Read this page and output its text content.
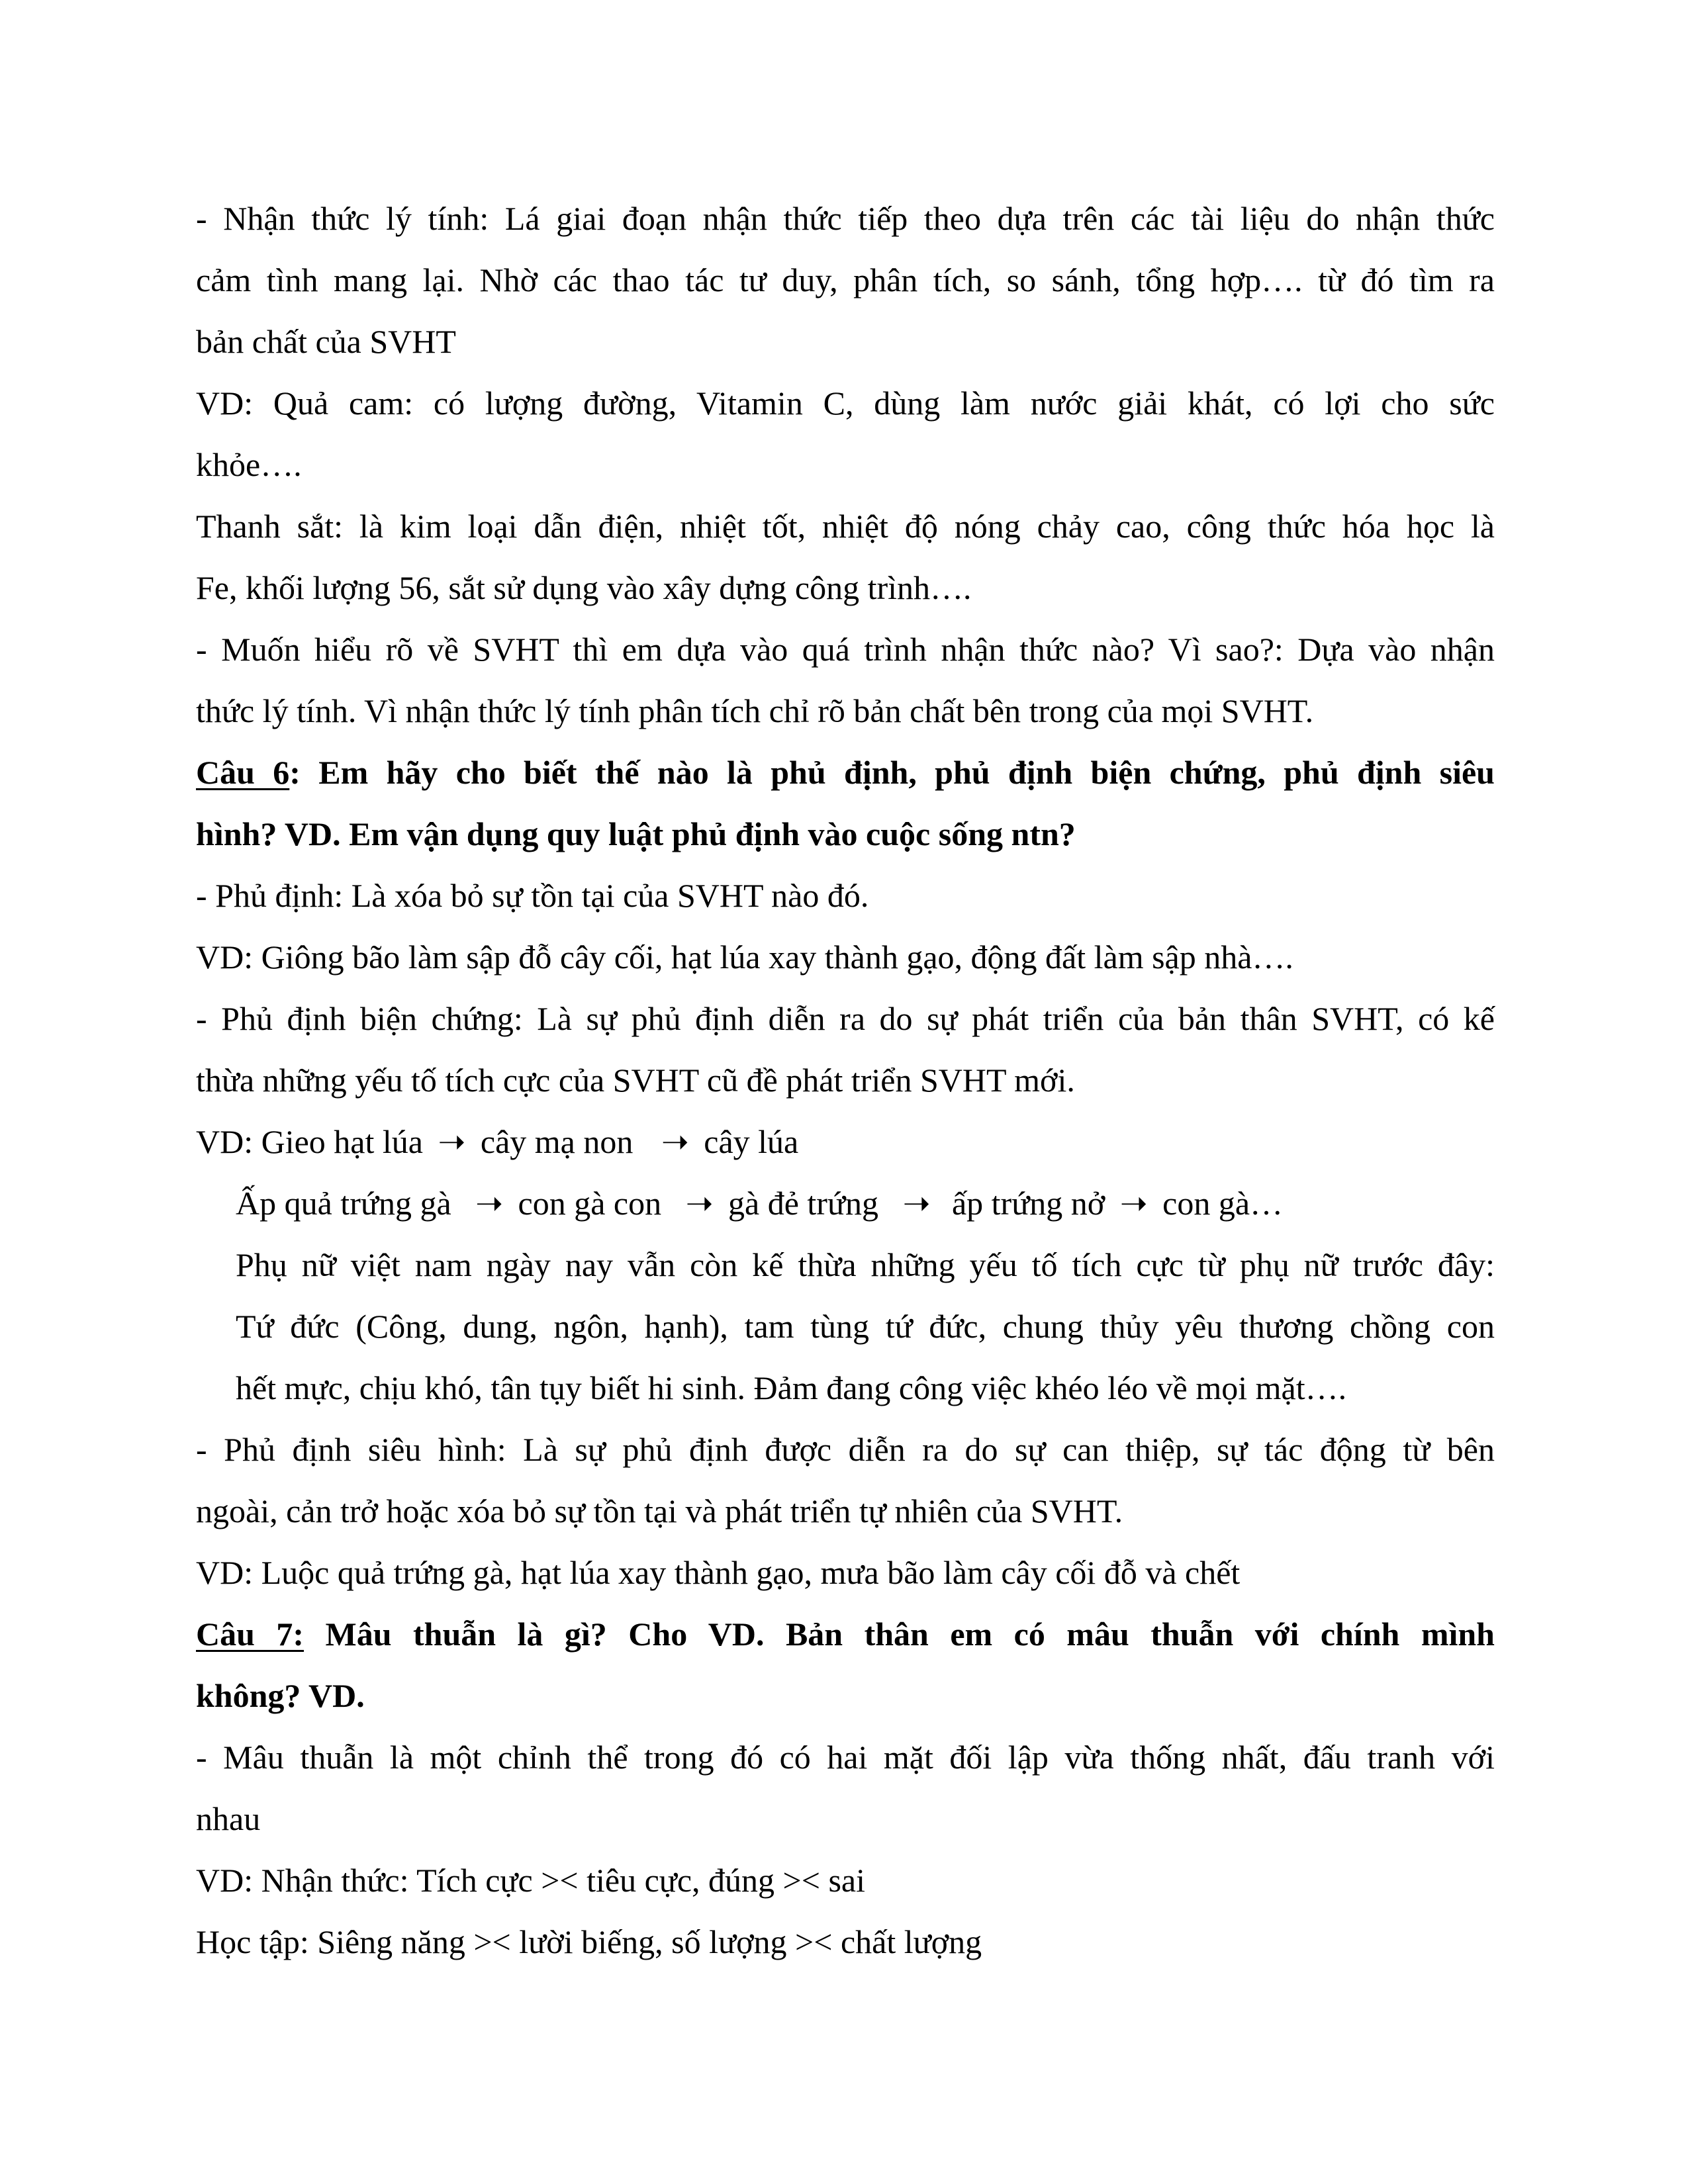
- Nhận thức lý tính: Lá giai đoạn nhận thức tiếp theo dựa trên các tài liệu do nhận thức
cảm tình mang lại. Nhờ các thao tác tư duy, phân tích, so sánh, tổng hợp…. từ đó tìm ra
bản chất của SVHT
VD: Quả cam: có lượng đường, Vitamin C, dùng làm nước giải khát, có lợi cho sức
khỏe….
Thanh sắt: là kim loại dẫn điện, nhiệt tốt, nhiệt độ nóng chảy cao, công thức hóa học là
Fe, khối lượng 56, sắt sử dụng vào xây dựng công trình….
- Muốn hiểu rõ về SVHT thì em dựa vào quá trình nhận thức nào? Vì sao?: Dựa vào nhận
thức lý tính. Vì nhận thức lý tính phân tích chỉ rõ bản chất bên trong của mọi SVHT.
Câu 6: Em hãy cho biết thế nào là phủ định, phủ định biện chứng, phủ định siêu
hình? VD. Em vận dụng quy luật phủ định vào cuộc sống ntn?
- Phủ định: Là xóa bỏ sự tồn tại của SVHT nào đó.
VD: Giông bão làm sập đỗ cây cối, hạt lúa xay thành gạo, động đất làm sập nhà….
- Phủ định biện chứng: Là sự phủ định diễn ra do sự phát triển của bản thân SVHT, có kế
thừa những yếu tố tích cực của SVHT cũ đề phát triển SVHT mới.
VD: Gieo hạt lúa ➝ cây mạ non ➝ cây lúa
Ấp quả trứng gà ➝ con gà con ➝ gà đẻ trứng ➝ ấp trứng nở ➝ con gà…
Phụ nữ việt nam ngày nay vẫn còn kế thừa những yếu tố tích cực từ phụ nữ trước đây:
Tứ đức (Công, dung, ngôn, hạnh), tam tùng tứ đức, chung thủy yêu thương chồng con
hết mực, chịu khó, tân tụy biết hi sinh. Đảm đang công việc khéo léo về mọi mặt….
- Phủ định siêu hình: Là sự phủ định được diễn ra do sự can thiệp, sự tác động từ bên
ngoài, cản trở hoặc xóa bỏ sự tồn tại và phát triển tự nhiên của SVHT.
VD: Luộc quả trứng gà, hạt lúa xay thành gạo, mưa bão làm cây cối đỗ và chết
Câu 7: Mâu thuẫn là gì? Cho VD. Bản thân em có mâu thuẫn với chính mình
không? VD.
- Mâu thuẫn là một chỉnh thể trong đó có hai mặt đối lập vừa thống nhất, đấu tranh với
nhau
VD: Nhận thức: Tích cực >< tiêu cực, đúng >< sai
Học tập: Siêng năng >< lười biếng, số lượng >< chất lượng
